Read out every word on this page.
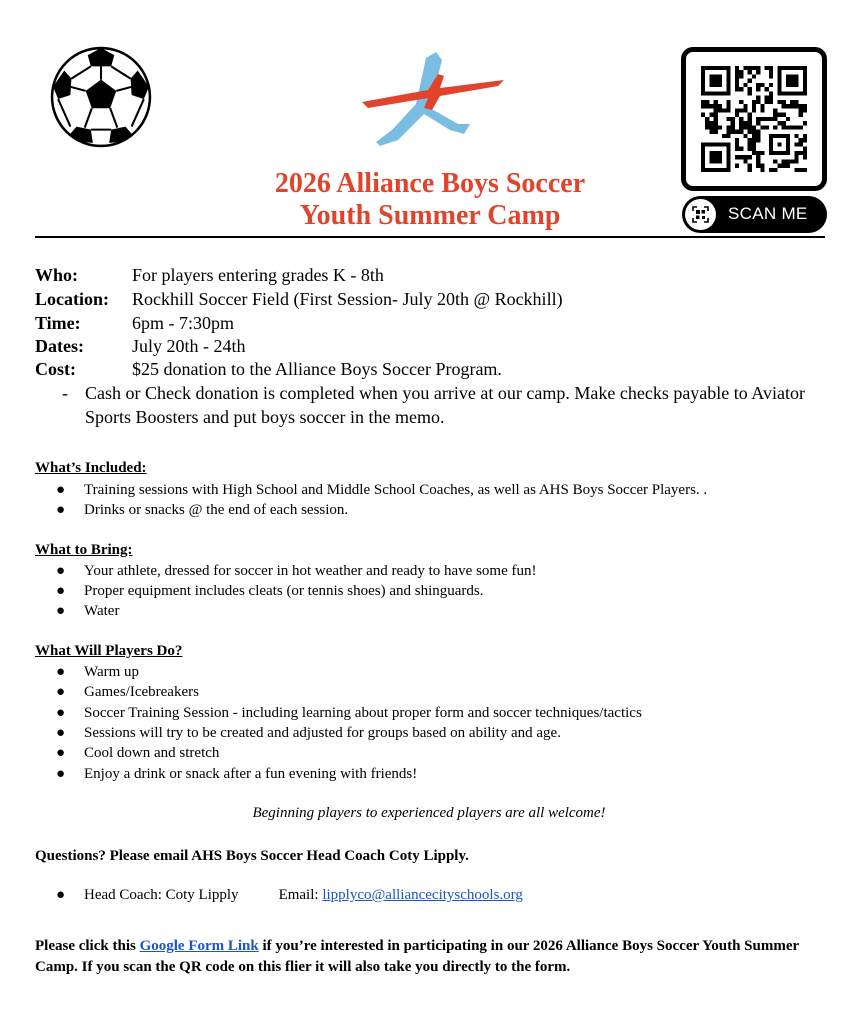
SCAN ME
2026 Alliance Boys Soccer
Youth Summer Camp
Who:	For players entering grades K - 8th
Location: Rockhill Soccer Field (First Session- July 20th @ Rockhill)
Time:	6pm - 7:30pm
Dates:	July 20th - 24th
Cost:	$25 donation to the Alliance Boys Soccer Program.
- Cash or Check donation is completed when you arrive at our camp. Make checks payable to Aviator Sports Boosters and put boys soccer in the memo.
What’s Included:
● Training sessions with High School and Middle School Coaches, as well as AHS Boys Soccer Players. .
● Drinks or snacks @ the end of each session.
What to Bring:
● Your athlete, dressed for soccer in hot weather and ready to have some fun!
● Proper equipment includes cleats (or tennis shoes) and shinguards.
● Water
What Will Players Do?
● Warm up
● Games/Icebreakers
● Soccer Training Session - including learning about proper form and soccer techniques/tactics
● Sessions will try to be created and adjusted for groups based on ability and age.
● Cool down and stretch
● Enjoy a drink or snack after a fun evening with friends!
Beginning players to experienced players are all welcome!
Questions? Please email AHS Boys Soccer Head Coach Coty Lipply.
● Head Coach: Coty Lipply	Email: lipplyco@alliancecityschools.org
Please click this Google Form Link if you’re interested in participating in our 2026 Alliance Boys Soccer Youth Summer Camp. If you scan the QR code on this flier it will also take you directly to the form.
